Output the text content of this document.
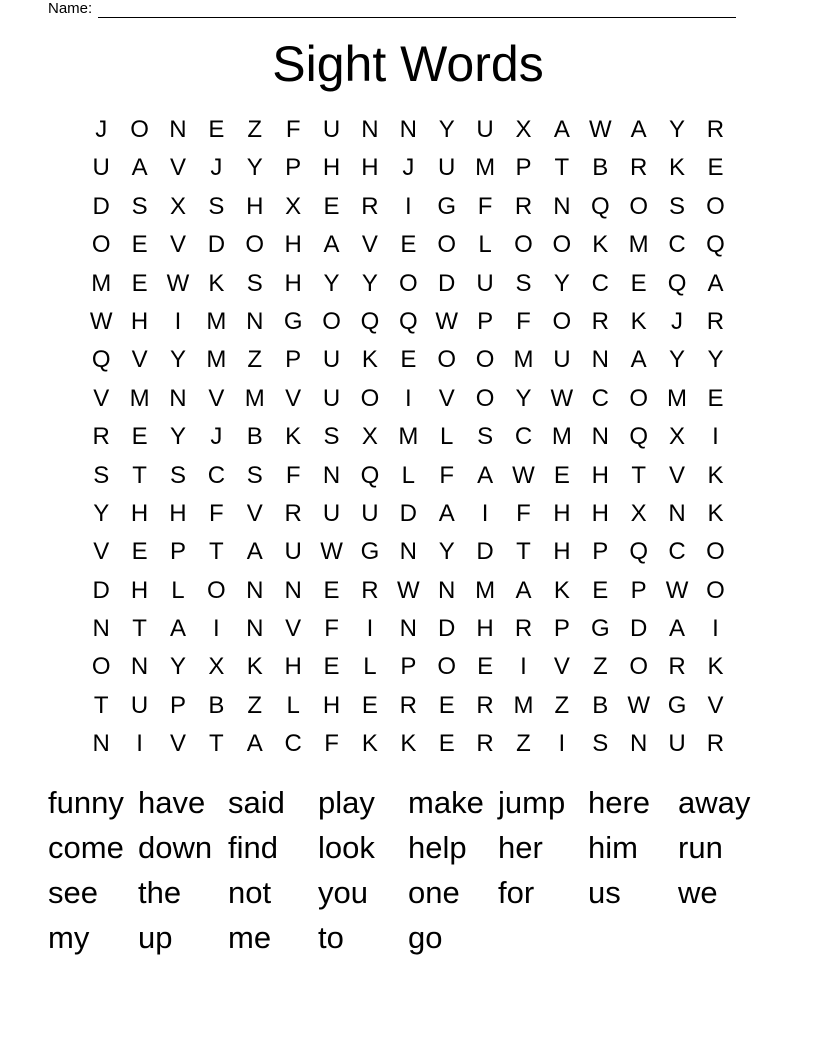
Name:
Sight Words
J O N E Z F U N N Y U X A W A Y R
U A V	J	Y P H H J U M P T B R K E
D S X S H X E R	I	G F R N Q O S O
O E V D O H A V E O L O O K M C Q
M E W K S H Y Y O D U S Y C E Q A
W H	I	M N G O Q Q W P F O R K	J R
Q V Y M Z P U K E O O M U N A Y Y
V M N V M V U O	I	V O Y W C O M E
R E Y	J	B K S X M L S C M N Q X	I
S T S C S F N Q L	F A W E H T V K
Y H H F V R U U D A	I	F H H X N K
V E P T A U W G N Y D T H P Q C O
D H L O N N E R W N M A K E P W O
N T A	I	N V F	I	N D H R P G D A	I
O N Y X K H E L P O E	I	V Z O R K
T U P B Z	L H E R E R M Z B W G V
N	I	V T A C F K K E R Z	I	S N U R
funny have said	play	make jump here away
come down find	look	help	her	him	run
see	the	not	you	one	for	us	we
my	up	me	to	go
